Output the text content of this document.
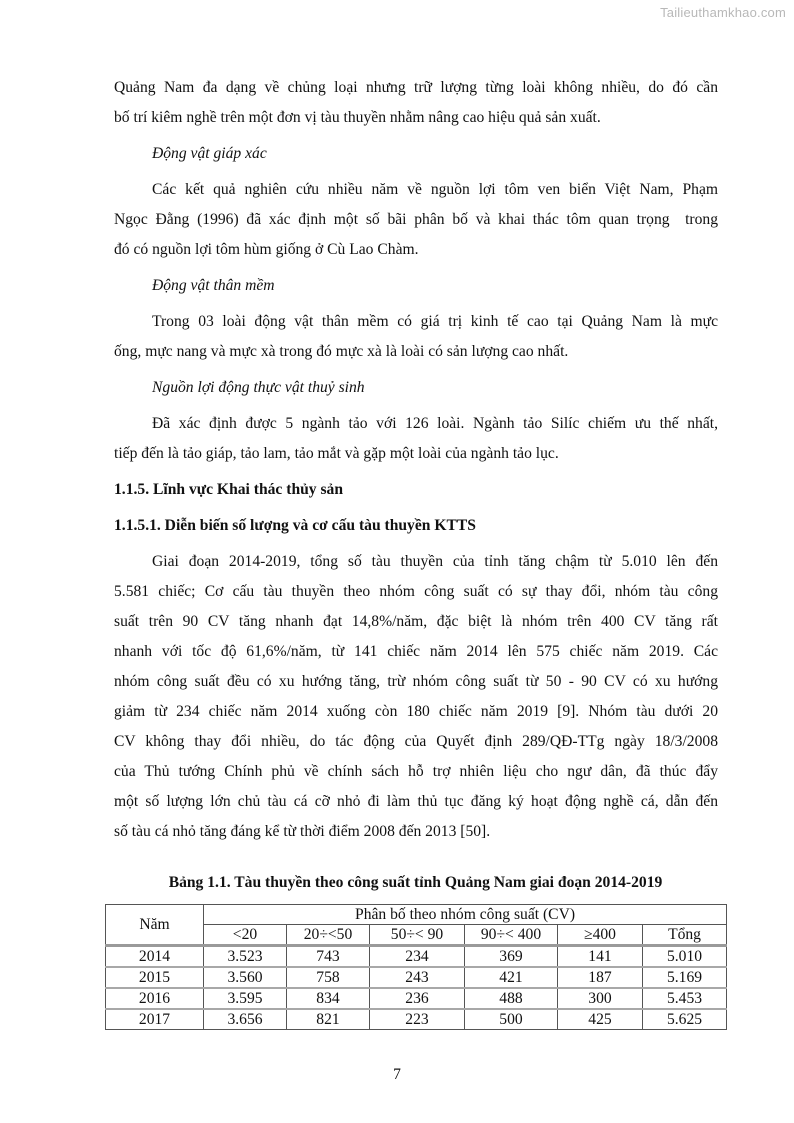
Tailieuthamkhao.com

Quảng Nam đa dạng về chủng loại nhưng trữ lượng từng loài không nhiều, do đó cần
bố trí kiêm nghề trên một đơn vị tàu thuyền nhằm nâng cao hiệu quả sản xuất.

Động vật giáp xác

Các kết quả nghiên cứu nhiều năm về nguồn lợi tôm ven biển Việt Nam, Phạm
Ngọc Đằng (1996) đã xác định một số bãi phân bố và khai thác tôm quan trọng  trong
đó có nguồn lợi tôm hùm giống ở Cù Lao Chàm.

Động vật thân mềm

Trong 03 loài động vật thân mềm có giá trị kinh tế cao tại Quảng Nam là mực
ống, mực nang và mực xà trong đó mực xà là loài có sản lượng cao nhất.

Nguồn lợi động thực vật thuỷ sinh

Đã xác định được 5 ngành tảo với 126 loài. Ngành tảo Silíc chiếm ưu thế nhất,
tiếp đến là tảo giáp, tảo lam, tảo mắt và gặp một loài của ngành tảo lục.

1.1.5. Lĩnh vực Khai thác thủy sản

1.1.5.1. Diễn biến số lượng và cơ cấu tàu thuyền KTTS

Giai đoạn 2014-2019, tổng số tàu thuyền của tỉnh tăng chậm từ 5.010 lên đến
5.581 chiếc; Cơ cấu tàu thuyền theo nhóm công suất có sự thay đổi, nhóm tàu công
suất trên 90 CV tăng nhanh đạt 14,8%/năm, đặc biệt là nhóm trên 400 CV tăng rất
nhanh với tốc độ 61,6%/năm, từ 141 chiếc năm 2014 lên 575 chiếc năm 2019. Các
nhóm công suất đều có xu hướng tăng, trừ nhóm công suất từ 50 - 90 CV có xu hướng
giảm từ 234 chiếc năm 2014 xuống còn 180 chiếc năm 2019 [9]. Nhóm tàu dưới 20
CV không thay đổi nhiều, do tác động của Quyết định 289/QĐ-TTg ngày 18/3/2008
của Thủ tướng Chính phủ về chính sách hỗ trợ nhiên liệu cho ngư dân, đã thúc đẩy
một số lượng lớn chủ tàu cá cỡ nhỏ đi làm thủ tục đăng ký hoạt động nghề cá, dẫn đến
số tàu cá nhỏ tăng đáng kể từ thời điểm 2008 đến 2013 [50].

Bảng 1.1. Tàu thuyền theo công suất tỉnh Quảng Nam giai đoạn 2014-2019
Năm	Phân bố theo nhóm công suất (CV)					
	<20	20÷<50	50÷< 90	90÷< 400	≥400	Tổng
2014	3.523	743	234	369	141	5.010
2015	3.560	758	243	421	187	5.169
2016	3.595	834	236	488	300	5.453
2017	3.656	821	223	500	425	5.625
7
